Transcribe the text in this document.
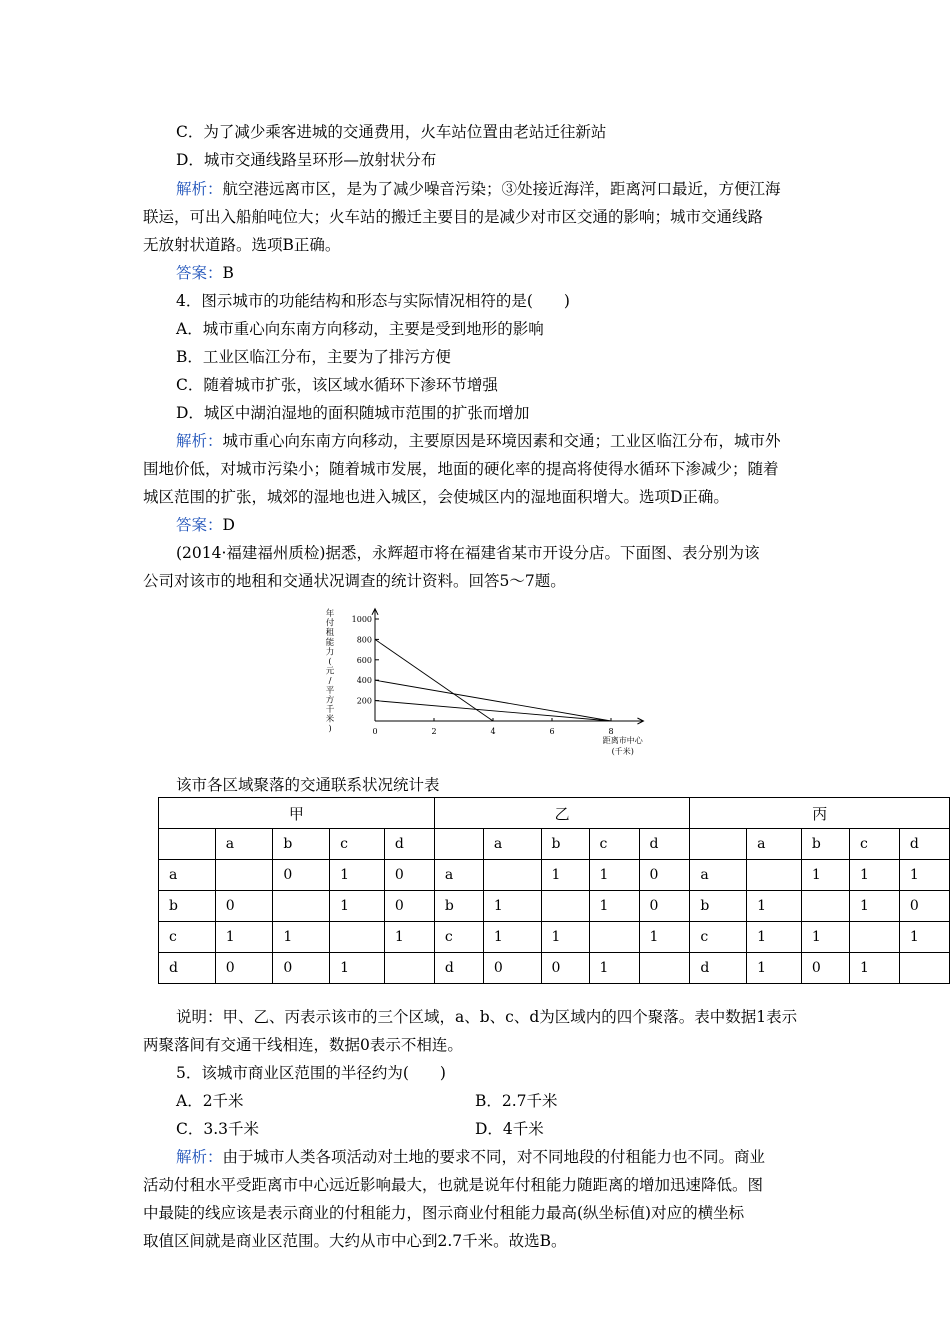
C．为了减少乘客进城的交通费用，火车站位置由老站迁往新站
D．城市交通线路呈环形—放射状分布
解析：航空港远离市区，是为了减少噪音污染；③处接近海洋，距离河口最近，方便江海
联运，可出入船舶吨位大；火车站的搬迁主要目的是减少对市区交通的影响；城市交通线路
无放射状道路。选项B正确。
答案：B
4．图示城市的功能结构和形态与实际情况相符的是(　　)
A．城市重心向东南方向移动，主要是受到地形的影响
B．工业区临江分布，主要为了排污方便
C．随着城市扩张，该区域水循环下渗环节增强
D．城区中湖泊湿地的面积随城市范围的扩张而增加
解析：城市重心向东南方向移动，主要原因是环境因素和交通；工业区临江分布，城市外
围地价低，对城市污染小；随着城市发展，地面的硬化率的提高将使得水循环下渗减少；随着
城区范围的扩张，城郊的湿地也进入城区，会使城区内的湿地面积增大。选项D正确。
答案：D
(2014·福建福州质检)据悉，永辉超市将在福建省某市开设分店。下面图、表分别为该
公司对该市的地租和交通状况调查的统计资料。回答5～7题。
说明：甲、乙、丙表示该市的三个区域，a、b、c、d为区域内的四个聚落。表中数据1表示
两聚落间有交通干线相连，数据0表示不相连。
5．该城市商业区范围的半径约为(　　)
A．2千米	B．2.7千米
C．3.3千米	D．4千米
解析：由于城市人类各项活动对土地的要求不同，对不同地段的付租能力也不同。商业
活动付租水平受距离市中心远近影响最大，也就是说年付租能力随距离的增加迅速降低。图
中最陡的线应该是表示商业的付租能力，图示商业付租能力最高(纵坐标值)对应的横坐标
取值区间就是商业区范围。大约从市中心到2.7千米。故选B。
200
400
600
800
1000
0	2	4	6	8
年
付
租
能
力
(
元
/
平
方
千
米
)
距离市中心
(千米)
该市各区域聚落的交通联系状况统计表
甲					乙					丙				
	a	b	c	d		a	b	c	d		a	b	c	d
a		0	1	0	a		1	1	0	a		1	1	1
b	0		1	0	b	1		1	0	b	1		1	0
c	1	1		1	c	1	1		1	c	1	1		1
d	0	0	1		d	0	0	1		d	1	0	1	
